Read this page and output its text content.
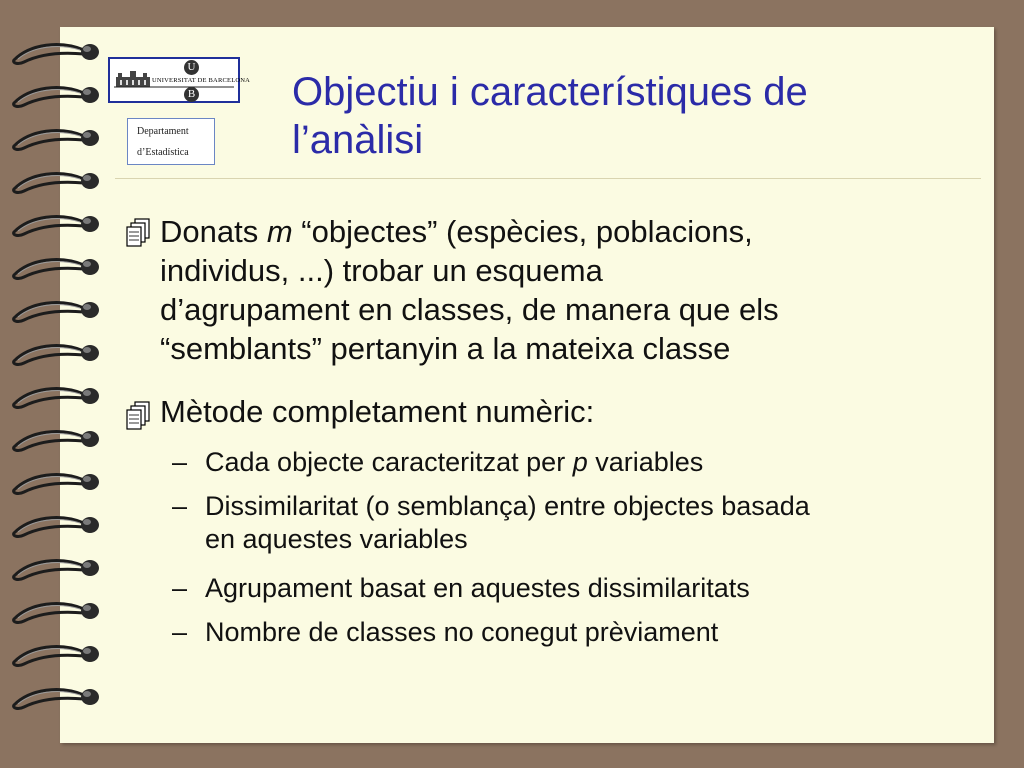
U
UNIVERSITAT DE BARCELONA
B
Departament
d’Estadística
Objectiu i característiques de
l’anàlisi
Donats m “objectes” (espècies, poblacions,
individus, ...) trobar un esquema
d’agrupament en classes, de manera que els
“semblants” pertanyin a la mateixa classe
Mètode completament numèric:
– Cada objecte caracteritzat per p variables
– Dissimilaritat (o semblança) entre objectes basada
en aquestes variables
– Agrupament basat en aquestes dissimilaritats
– Nombre de classes no conegut prèviament
